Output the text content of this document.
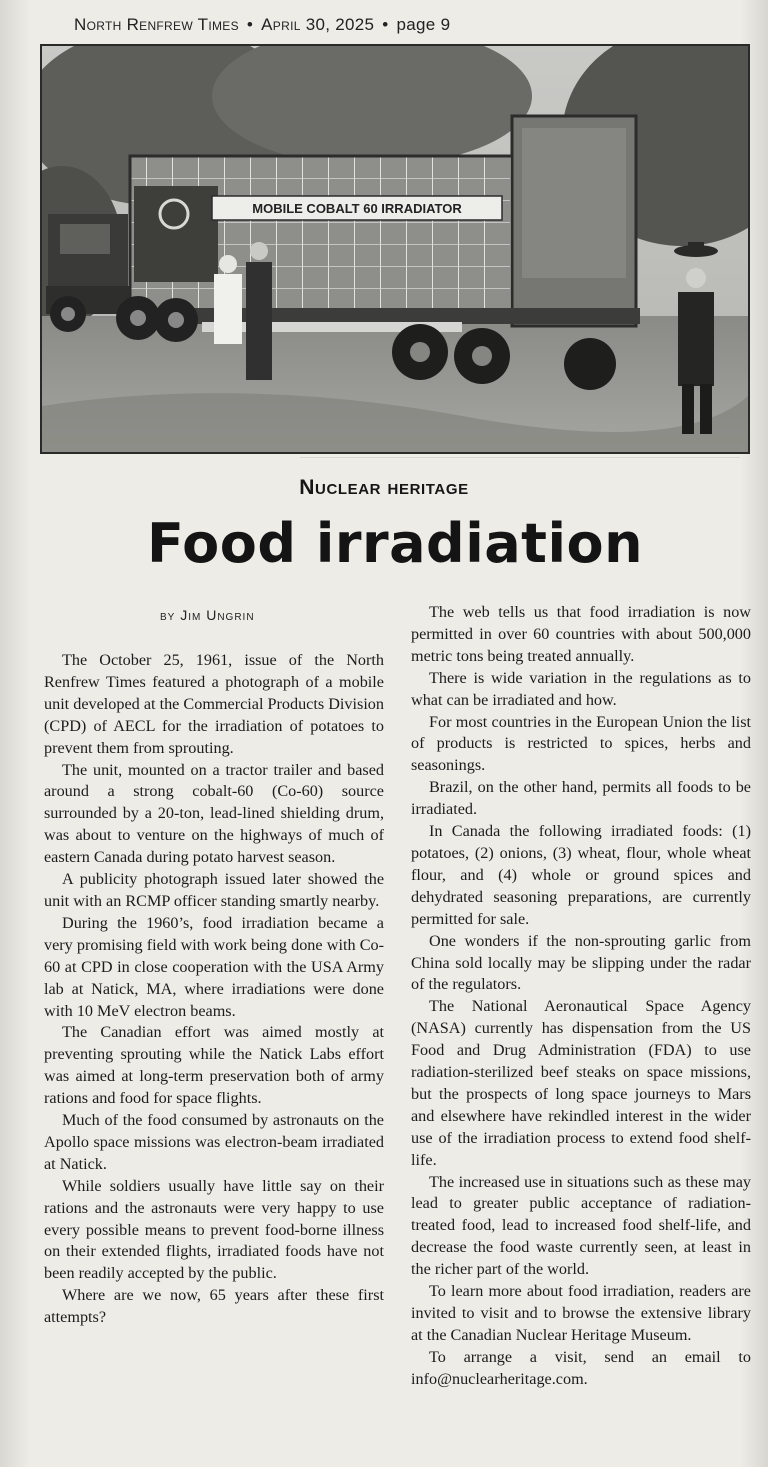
North Renfrew Times • April 30, 2025 • page 9
MOBILE COBALT 60 IRRADIATOR
Nuclear heritage
Food irradiation
by Jim Ungrin

The October 25, 1961, issue of the North Renfrew Times featured a photograph of a mobile unit developed at the Commercial Products Division (CPD) of AECL for the irradiation of potatoes to prevent them from sprouting.

The unit, mounted on a tractor trailer and based around a strong cobalt-60 (Co-60) source surrounded by a 20-ton, lead-lined shielding drum, was about to venture on the highways of much of eastern Canada during potato harvest season.

A publicity photograph issued later showed the unit with an RCMP officer standing smartly nearby.

During the 1960’s, food irradiation became a very promising field with work being done with Co-60 at CPD in close cooperation with the USA Army lab at Natick, MA, where irradiations were done with 10 MeV electron beams.

The Canadian effort was aimed mostly at preventing sprouting while the Natick Labs effort was aimed at long-term preservation both of army rations and food for space flights.

Much of the food consumed by astronauts on the Apollo space missions was electron-beam irradiated at Natick.

While soldiers usually have little say on their rations and the astronauts were very happy to use every possible means to prevent food-borne illness on their extended flights, irradiated foods have not been readily accepted by the public.

Where are we now, 65 years after these first attempts?

The web tells us that food irradiation is now permitted in over 60 countries with about 500,000 metric tons being treated annually.

There is wide variation in the regulations as to what can be irradiated and how.

For most countries in the European Union the list of products is restricted to spices, herbs and seasonings.

Brazil, on the other hand, permits all foods to be irradiated.

In Canada the following irradiated foods: (1) potatoes, (2) onions, (3) wheat, flour, whole wheat flour, and (4) whole or ground spices and dehydrated seasoning preparations, are currently permitted for sale.

One wonders if the non-sprouting garlic from China sold locally may be slipping under the radar of the regulators.

The National Aeronautical Space Agency (NASA) currently has dispensation from the US Food and Drug Administration (FDA) to use radiation-sterilized beef steaks on space missions, but the prospects of long space journeys to Mars and elsewhere have rekindled interest in the wider use of the irradiation process to extend food shelf-life.

The increased use in situations such as these may lead to greater public acceptance of radiation-treated food, lead to increased food shelf-life, and decrease the food waste currently seen, at least in the richer part of the world.

To learn more about food irradiation, readers are invited to visit and to browse the extensive library at the Canadian Nuclear Heritage Museum.

To arrange a visit, send an email to info@nuclearheritage.com.
